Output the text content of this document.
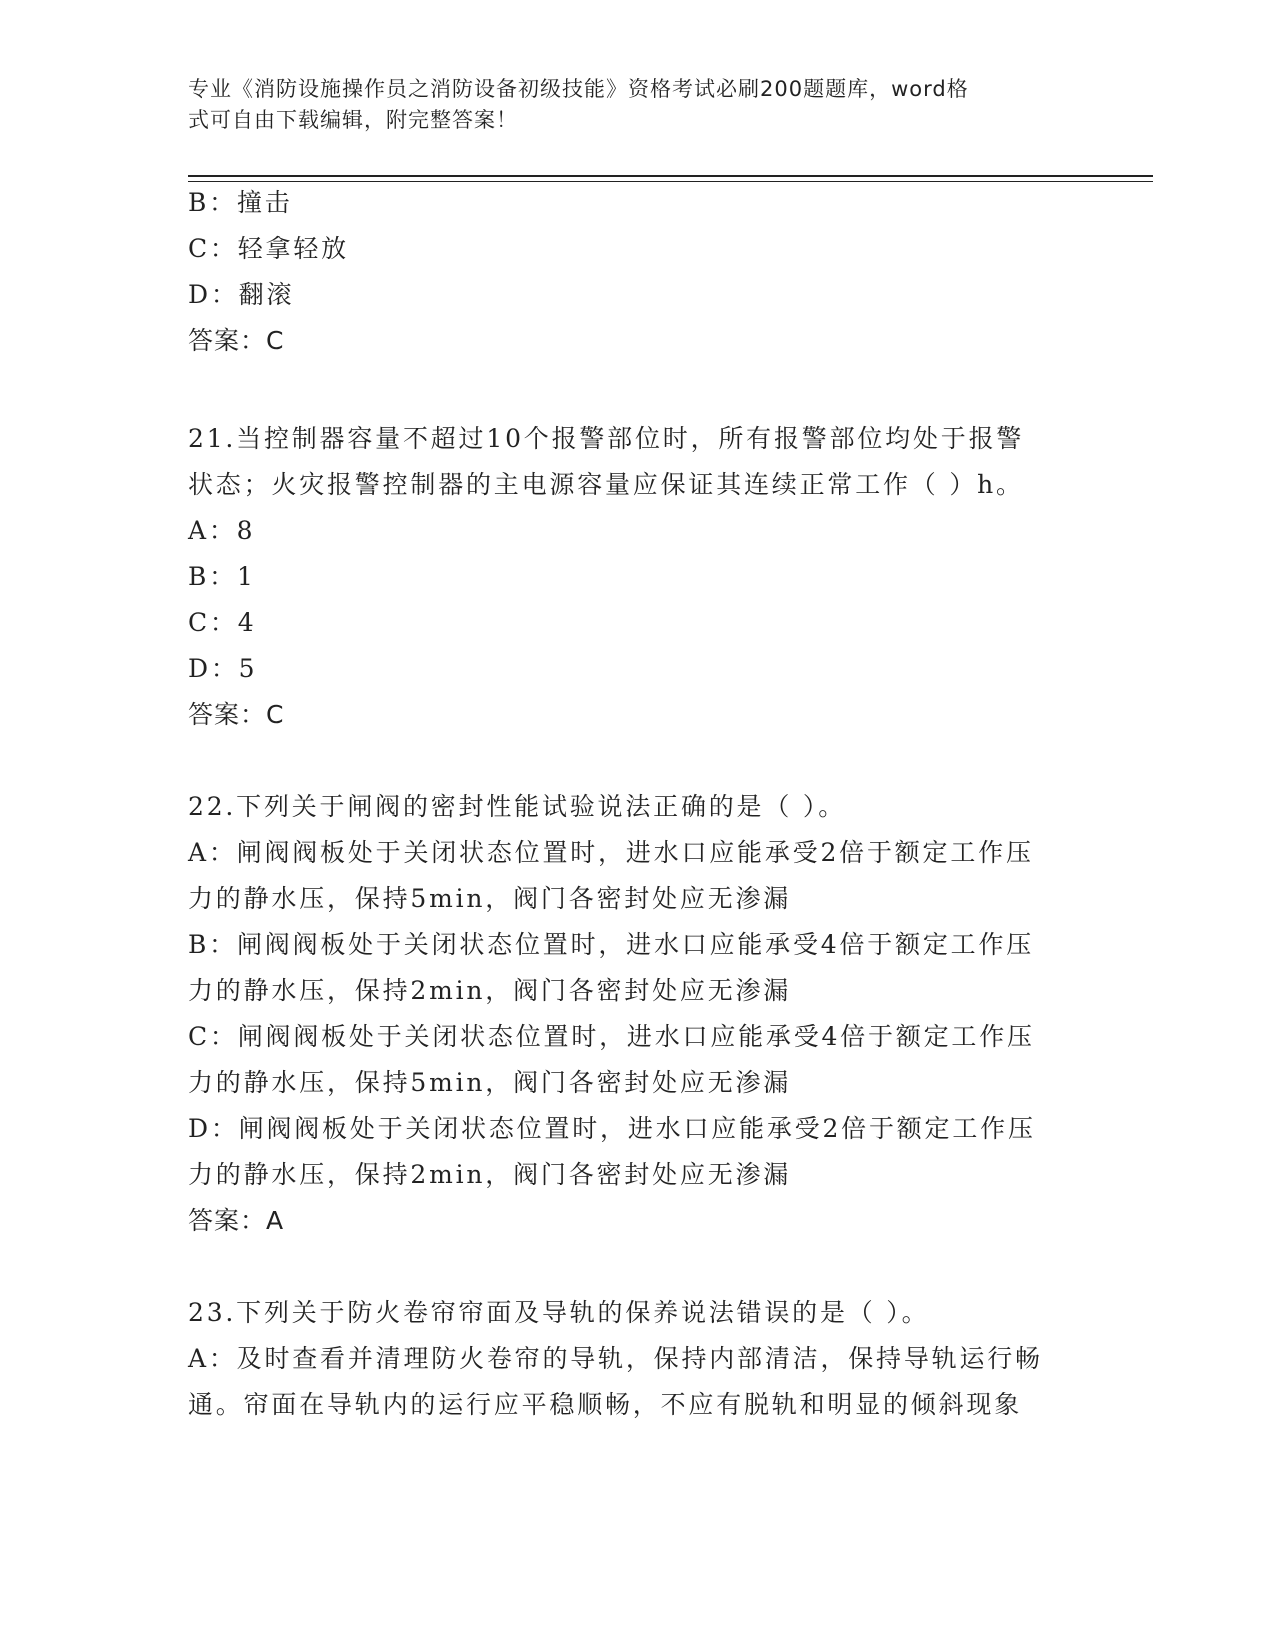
专业《消防设施操作员之消防设备初级技能》资格考试必刷200题题库，word格
式可自由下载编辑，附完整答案！
B：撞击
C：轻拿轻放
D：翻滚
答案：C
21.当控制器容量不超过10个报警部位时，所有报警部位均处于报警
状态；火灾报警控制器的主电源容量应保证其连续正常工作（ ）h。
A：8
B：1
C：4
D：5
答案：C
22.下列关于闸阀的密封性能试验说法正确的是（ ）。
A：闸阀阀板处于关闭状态位置时，进水口应能承受2倍于额定工作压
力的静水压，保持5min，阀门各密封处应无渗漏
B：闸阀阀板处于关闭状态位置时，进水口应能承受4倍于额定工作压
力的静水压，保持2min，阀门各密封处应无渗漏
C：闸阀阀板处于关闭状态位置时，进水口应能承受4倍于额定工作压
力的静水压，保持5min，阀门各密封处应无渗漏
D：闸阀阀板处于关闭状态位置时，进水口应能承受2倍于额定工作压
力的静水压，保持2min，阀门各密封处应无渗漏
答案：A
23.下列关于防火卷帘帘面及导轨的保养说法错误的是（ ）。
A：及时查看并清理防火卷帘的导轨，保持内部清洁，保持导轨运行畅
通。帘面在导轨内的运行应平稳顺畅，不应有脱轨和明显的倾斜现象
